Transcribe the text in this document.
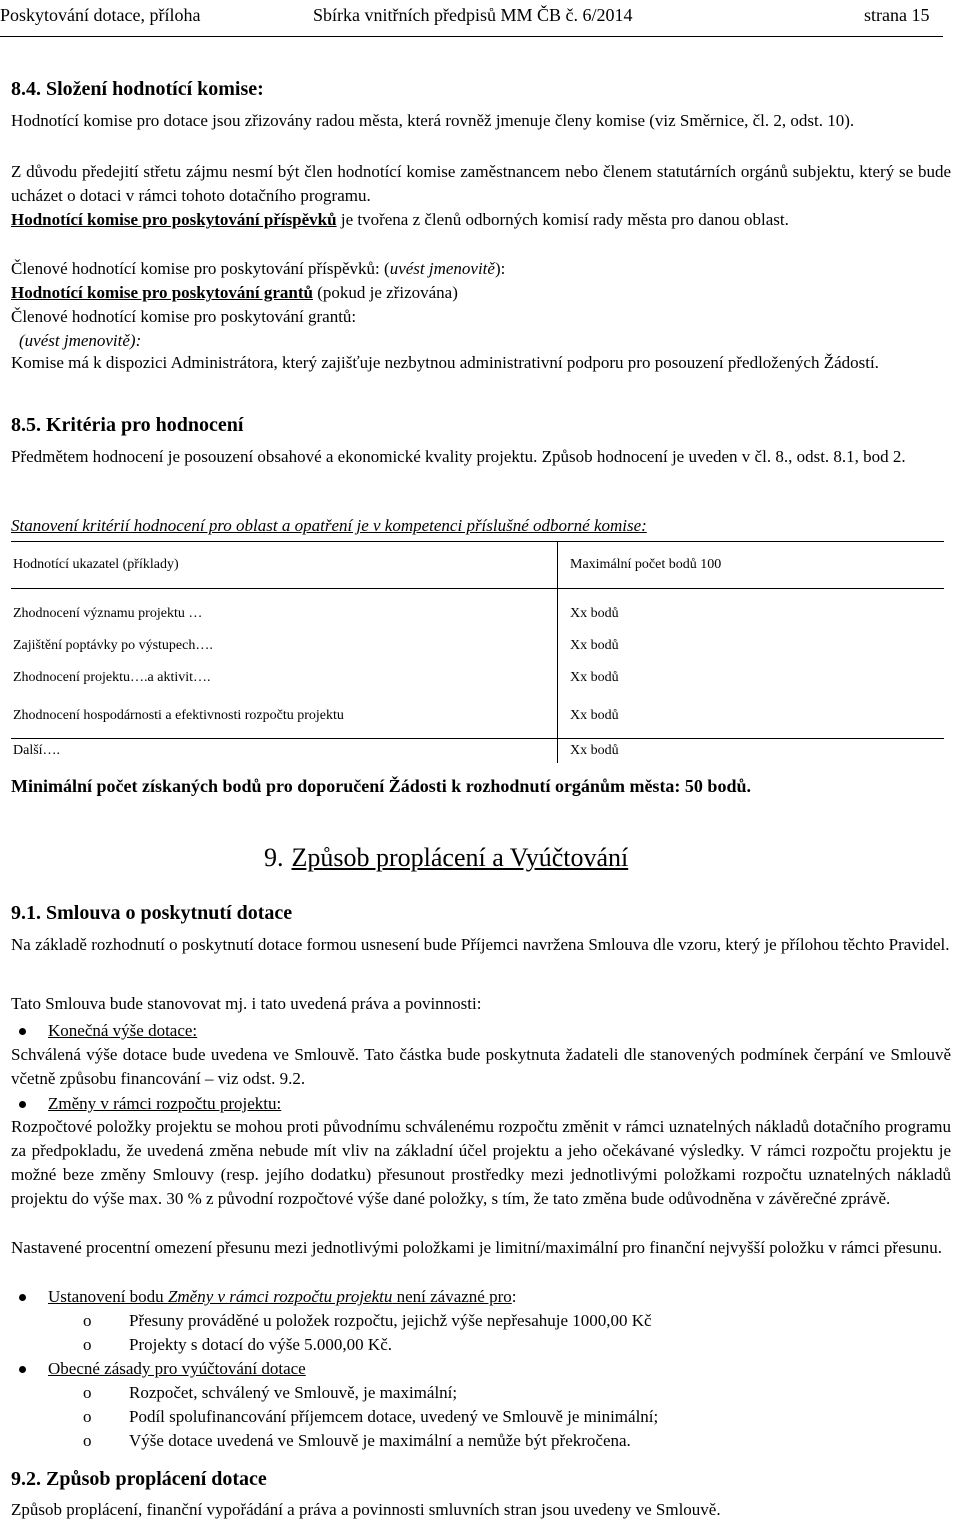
Poskytování dotace, příloha	Sbírka vnitřních předpisů MM ČB č. 6/2014	strana 15
8.4. Složení hodnotící komise:
Hodnotící komise pro dotace jsou zřizovány radou města, která rovněž jmenuje členy komise (viz Směrnice, čl. 2, odst. 10).
Z důvodu předejití střetu zájmu nesmí být člen hodnotící komise zaměstnancem nebo členem statutárních orgánů subjektu, který se bude ucházet o dotaci v rámci tohoto dotačního programu.
Hodnotící komise pro poskytování příspěvků je tvořena z členů odborných komisí rady města pro danou oblast.
Členové hodnotící komise pro poskytování příspěvků: (uvést jmenovitě):
Hodnotící komise pro poskytování grantů (pokud je zřizována)
Členové hodnotící komise pro poskytování grantů:
(uvést jmenovitě):
Komise má k dispozici Administrátora, který zajišťuje nezbytnou administrativní podporu pro posouzení předložených Žádostí.
8.5. Kritéria pro hodnocení
Předmětem hodnocení je posouzení obsahové a ekonomické kvality projektu. Způsob hodnocení je uveden v čl. 8., odst. 8.1, bod 2.
Stanovení kritérií hodnocení pro oblast a opatření je v kompetenci příslušné odborné komise:
Hodnotící ukazatel (příklady)	Maximální počet bodů 100

Zhodnocení významu projektu …	Xx bodů
Zajištění poptávky po výstupech….	Xx bodů
Zhodnocení projektu….a aktivit….	Xx bodů
Zhodnocení hospodárnosti a efektivnosti rozpočtu projektu	Xx bodů
Další….	Xx bodů
Minimální počet získaných bodů pro doporučení Žádosti k rozhodnutí orgánům města: 50 bodů.
9. Způsob proplácení a Vyúčtování
9.1. Smlouva o poskytnutí dotace
Na základě rozhodnutí o poskytnutí dotace formou usnesení bude Příjemci navržena Smlouva dle vzoru, který je přílohou těchto Pravidel.
Tato Smlouva bude stanovovat mj. i tato uvedená práva a povinnosti:
Konečná výše dotace:
Schválená výše dotace bude uvedena ve Smlouvě. Tato částka bude poskytnuta žadateli dle stanovených podmínek čerpání ve Smlouvě včetně způsobu financování – viz odst. 9.2.
Změny v rámci rozpočtu projektu:
Rozpočtové položky projektu se mohou proti původnímu schválenému rozpočtu změnit v rámci uznatelných nákladů dotačního programu za předpokladu, že uvedená změna nebude mít vliv na základní účel projektu a jeho očekávané výsledky. V rámci rozpočtu projektu je možné beze změny Smlouvy (resp. jejího dodatku) přesunout prostředky mezi jednotlivými položkami rozpočtu uznatelných nákladů projektu do výše max. 30 % z původní rozpočtové výše dané položky, s tím, že tato změna bude odůvodněna v závěrečné zprávě.
Nastavené procentní omezení přesunu mezi jednotlivými položkami je limitní/maximální pro finanční nejvyšší položku v rámci přesunu.
Ustanovení bodu Změny v rámci rozpočtu projektu není závazné pro:
o Přesuny prováděné u položek rozpočtu, jejichž výše nepřesahuje 1000,00 Kč
o Projekty s dotací do výše 5.000,00 Kč.
Obecné zásady pro vyúčtování dotace
o Rozpočet, schválený ve Smlouvě, je maximální;
o Podíl spolufinancování příjemcem dotace, uvedený ve Smlouvě je minimální;
o Výše dotace uvedená ve Smlouvě je maximální a nemůže být překročena.
9.2. Způsob proplácení dotace
Způsob proplácení, finanční vypořádání a práva a povinnosti smluvních stran jsou uvedeny ve Smlouvě.
